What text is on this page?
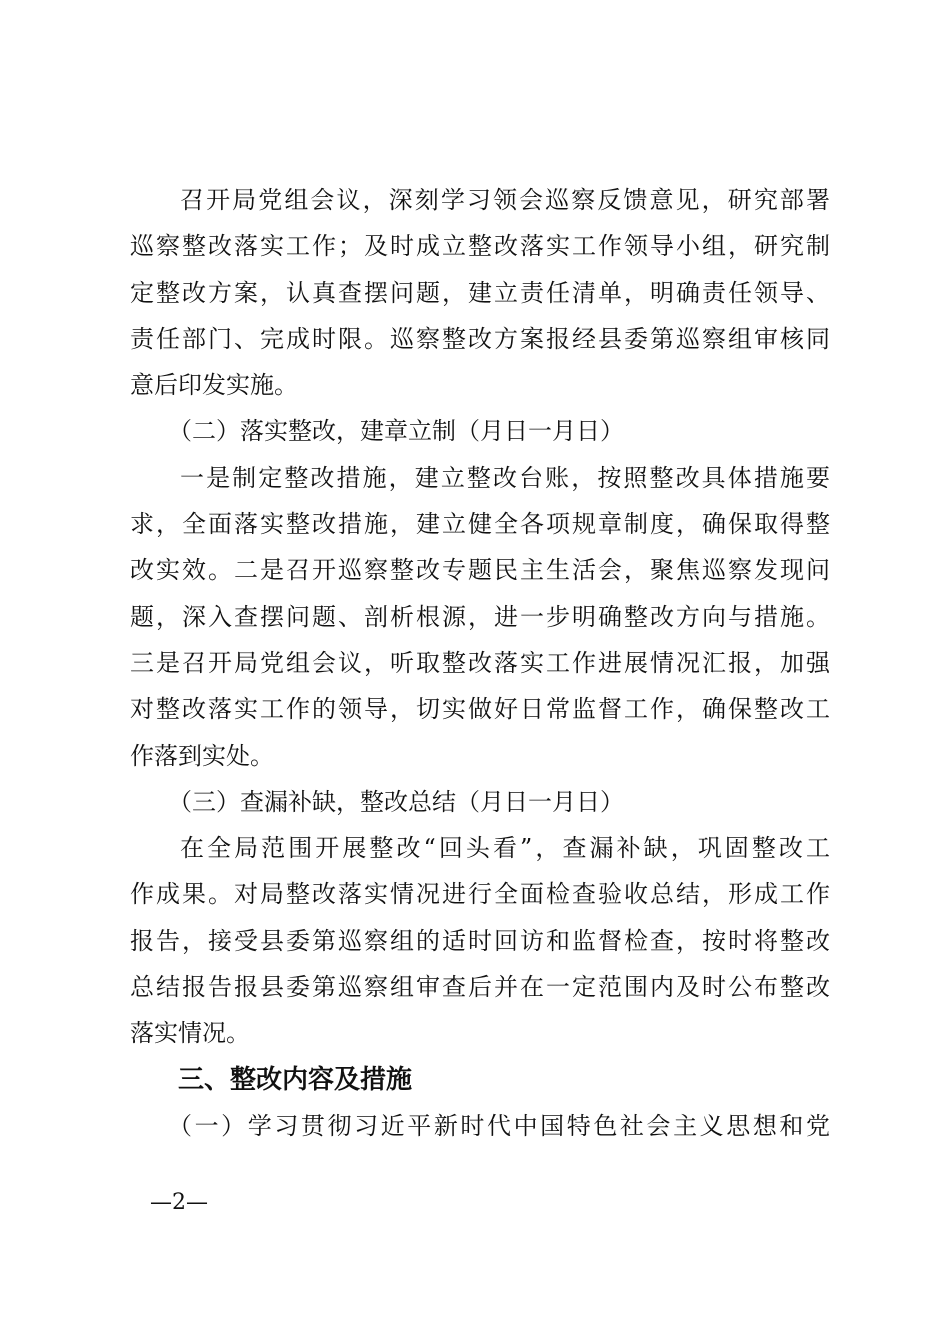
召开局党组会议，深刻学习领会巡察反馈意见，研究部署
巡察整改落实工作；及时成立整改落实工作领导小组，研究制
定整改方案，认真查摆问题，建立责任清单，明确责任领导、
责任部门、完成时限。巡察整改方案报经县委第巡察组审核同
意后印发实施。
（二）落实整改，建章立制（月日一月日）
一是制定整改措施，建立整改台账，按照整改具体措施要
求，全面落实整改措施，建立健全各项规章制度，确保取得整
改实效。二是召开巡察整改专题民主生活会，聚焦巡察发现问
题，深入查摆问题、剖析根源，进一步明确整改方向与措施。
三是召开局党组会议，听取整改落实工作进展情况汇报，加强
对整改落实工作的领导，切实做好日常监督工作，确保整改工
作落到实处。
（三）查漏补缺，整改总结（月日一月日）
在全局范围开展整改“回头看”，查漏补缺，巩固整改工
作成果。对局整改落实情况进行全面检查验收总结，形成工作
报告，接受县委第巡察组的适时回访和监督检查，按时将整改
总结报告报县委第巡察组审查后并在一定范围内及时公布整改
落实情况。
三、整改内容及措施
（一）学习贯彻习近平新时代中国特色社会主义思想和党
—2—
